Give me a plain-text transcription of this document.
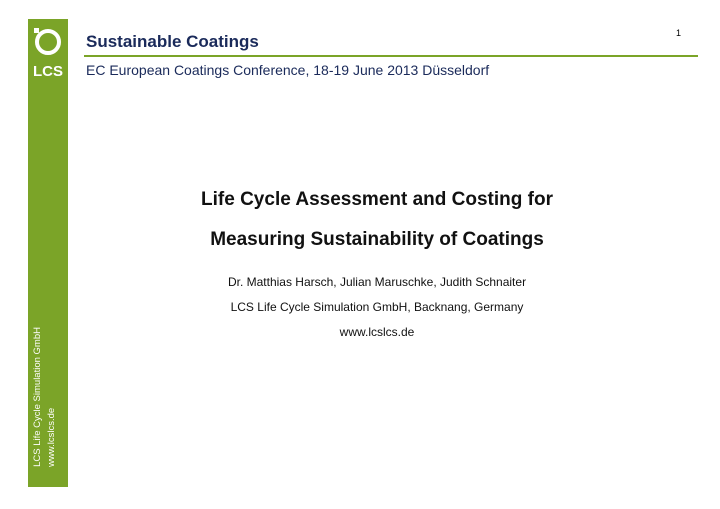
LCS
LCS Life Cycle Simulation GmbH www.lcslcs.de
1
Sustainable Coatings
EC European Coatings Conference, 18-19 June 2013 Düsseldorf
Life Cycle Assessment and Costing for
Measuring Sustainability of Coatings
Dr. Matthias Harsch, Julian Maruschke, Judith Schnaiter
LCS Life Cycle Simulation GmbH, Backnang, Germany
www.lcslcs.de
